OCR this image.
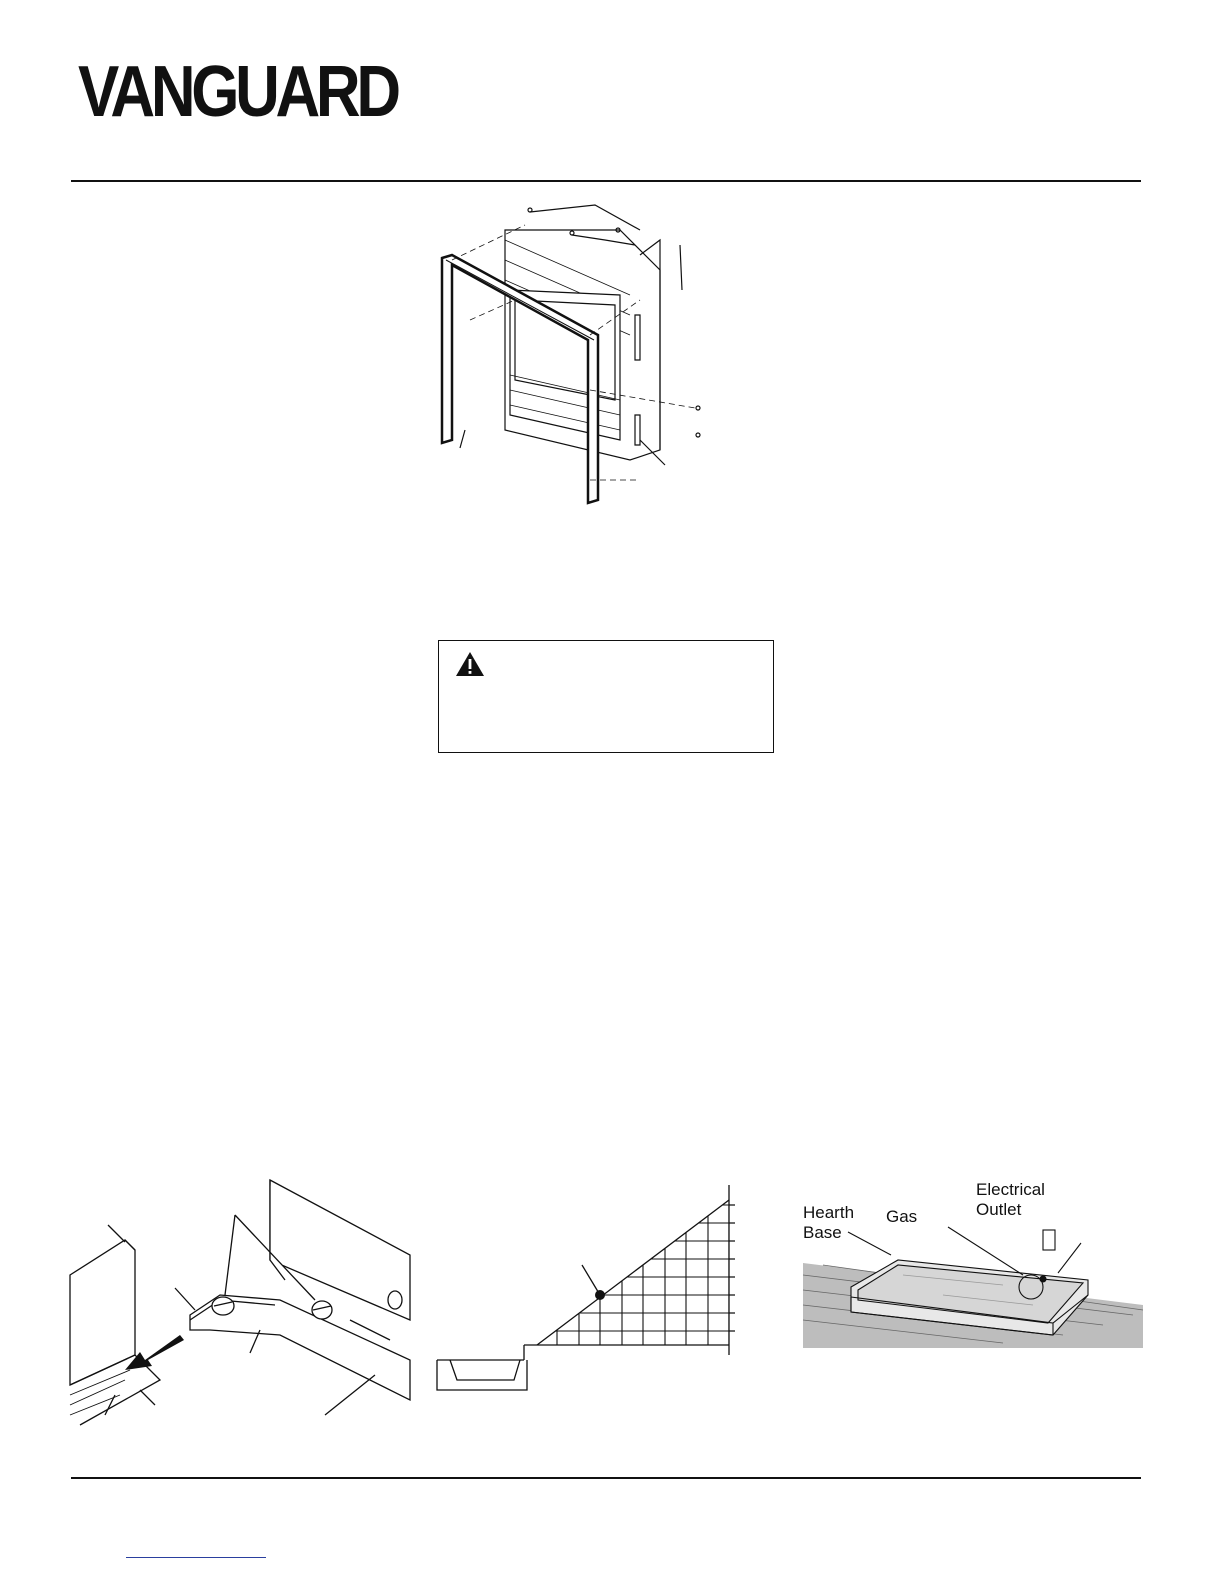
VANGUARD
Hearth
Base
Gas
Electrical
Outlet
